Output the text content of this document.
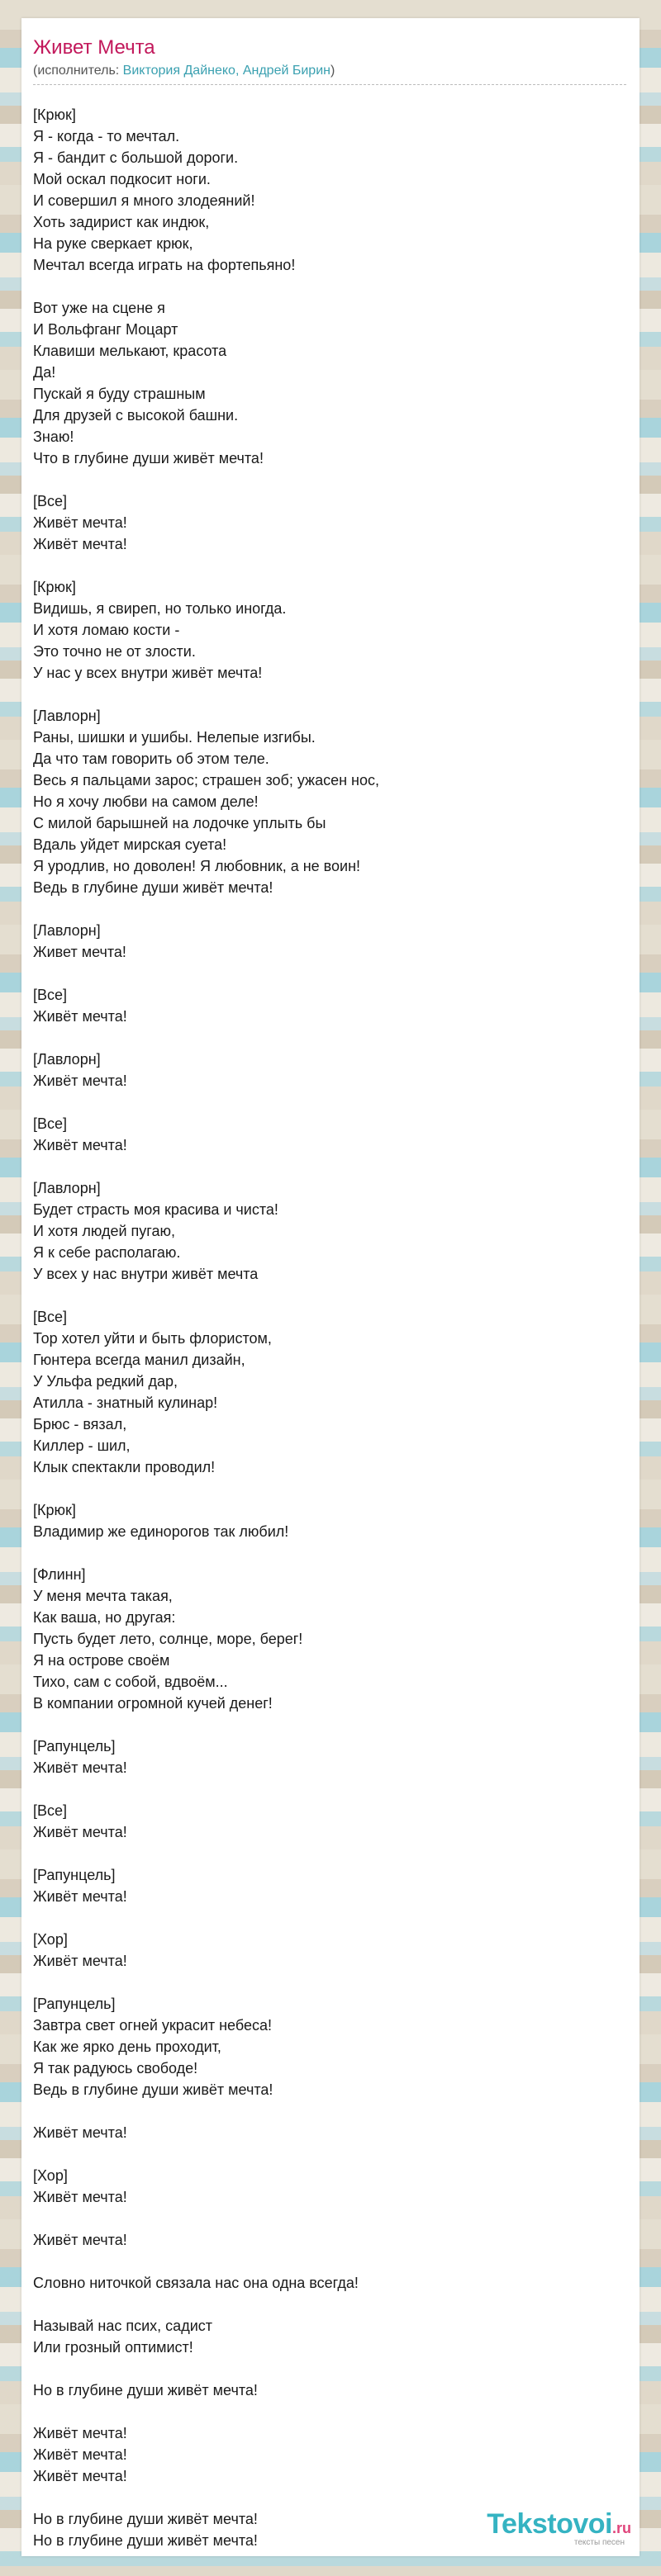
Живет Мечта
(исполнитель: Виктория Дайнеко, Андрей Бирин)
[Крюк]
Я - когда - то мечтал.
Я - бандит с большой дороги.
Мой оскал подкосит ноги.
И совершил я много злодеяний!
Хоть задирист как индюк,
На руке сверкает крюк,
Мечтал всегда играть на фортепьяно!
Вот уже на сцене я
И Вольфганг Моцарт
Клавиши мелькают, красота
Да!
Пускай я буду страшным
Для друзей с высокой башни.
Знаю!
Что в глубине души живёт мечта!
[Все]
Живёт мечта!
Живёт мечта!
[Крюк]
Видишь, я свиреп, но только иногда.
И хотя ломаю кости -
Это точно не от злости.
У нас у всех внутри живёт мечта!
[Лавлорн]
Раны, шишки и ушибы. Нелепые изгибы.
Да что там говорить об этом теле.
Весь я пальцами зарос; страшен зоб; ужасен нос,
Но я хочу любви на самом деле!
С милой барышней на лодочке уплыть бы
Вдаль уйдет мирская суета!
Я уродлив, но доволен! Я любовник, а не воин!
Ведь в глубине души живёт мечта!
[Лавлорн]
Живет мечта!
[Все]
Живёт мечта!
[Лавлорн]
Живёт мечта!
[Все]
Живёт мечта!
[Лавлорн]
Будет страсть моя красива и чиста!
И хотя людей пугаю,
Я к себе располагаю.
У всех у нас внутри живёт мечта
[Все]
Тор хотел уйти и быть флористом,
Гюнтера всегда манил дизайн,
У Ульфа редкий дар,
Атилла - знатный кулинар!
Брюс - вязал,
Киллер - шил,
Клык спектакли проводил!
[Крюк]
Владимир же единорогов так любил!
[Флинн]
У меня мечта такая,
Как ваша, но другая:
Пусть будет лето, солнце, море, берег!
Я на острове своём
Тихо, сам с собой, вдвоём...
В компании огромной кучей денег!
[Рапунцель]
Живёт мечта!
[Все]
Живёт мечта!
[Рапунцель]
Живёт мечта!
[Хор]
Живёт мечта!
[Рапунцель]
Завтра свет огней украсит небеса!
Как же ярко день проходит,
Я так радуюсь свободе!
Ведь в глубине души живёт мечта!
Живёт мечта!
[Хор]
Живёт мечта!
Живёт мечта!
Словно ниточкой связала нас она одна всегда!
Называй нас псих, садист
Или грозный оптимист!
Но в глубине души живёт мечта!
Живёт мечта!
Живёт мечта!
Живёт мечта!
Но в глубине души живёт мечта!
Но в глубине души живёт мечта!
Tekstovoi.ru
тексты песен
